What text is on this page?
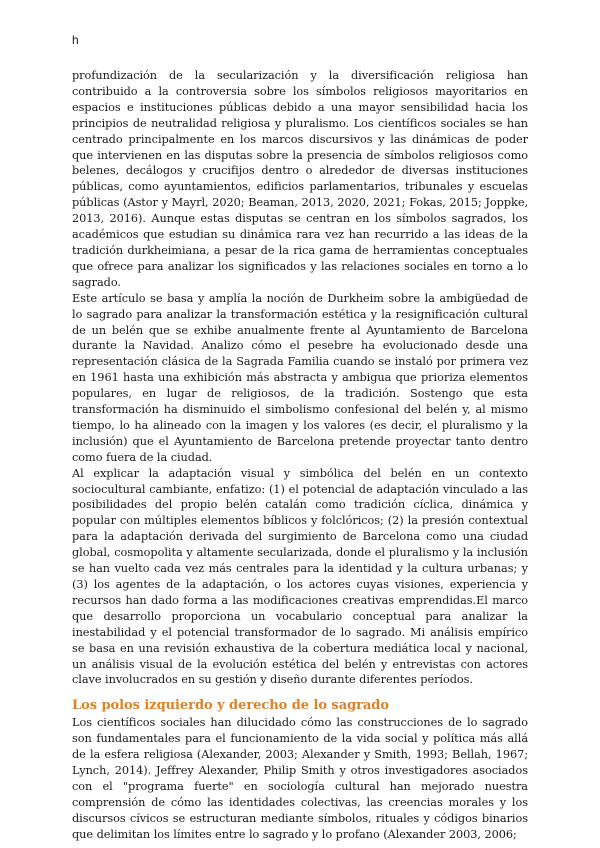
h

profundización de la secularización y la diversificación religiosa han contribuido a la controversia sobre los símbolos religiosos mayoritarios en espacios e instituciones públicas debido a una mayor sensibilidad hacia los principios de neutralidad religiosa y pluralismo. Los científicos sociales se han centrado principalmente en los marcos discursivos y las dinámicas de poder que intervienen en las disputas sobre la presencia de símbolos religiosos como belenes, decálogos y crucifijos dentro o alrededor de diversas instituciones públicas, como ayuntamientos, edificios parlamentarios, tribunales y escuelas públicas (Astor y Mayrl, 2020; Beaman, 2013, 2020, 2021; Fokas, 2015; Joppke, 2013, 2016). Aunque estas disputas se centran en los símbolos sagrados, los académicos que estudian su dinámica rara vez han recurrido a las ideas de la tradición durkheimiana, a pesar de la rica gama de herramientas conceptuales que ofrece para analizar los significados y las relaciones sociales en torno a lo sagrado.

Este artículo se basa y amplía la noción de Durkheim sobre la ambigüedad de lo sagrado para analizar la transformación estética y la resignificación cultural de un belén que se exhibe anualmente frente al Ayuntamiento de Barcelona durante la Navidad. Analizo cómo el pesebre ha evolucionado desde una representación clásica de la Sagrada Familia cuando se instaló por primera vez en 1961 hasta una exhibición más abstracta y ambigua que prioriza elementos populares, en lugar de religiosos, de la tradición. Sostengo que esta transformación ha disminuido el simbolismo confesional del belén y, al mismo tiempo, lo ha alineado con la imagen y los valores (es decir, el pluralismo y la inclusión) que el Ayuntamiento de Barcelona pretende proyectar tanto dentro como fuera de la ciudad.

Al explicar la adaptación visual y simbólica del belén en un contexto sociocultural cambiante, enfatizo: (1) el potencial de adaptación vinculado a las posibilidades del propio belén catalán como tradición cíclica, dinámica y popular con múltiples elementos bíblicos y folclóricos; (2) la presión contextual para la adaptación derivada del surgimiento de Barcelona como una ciudad global, cosmopolita y altamente secularizada, donde el pluralismo y la inclusión se han vuelto cada vez más centrales para la identidad y la cultura urbanas; y (3) los agentes de la adaptación, o los actores cuyas visiones, experiencia y recursos han dado forma a las modificaciones creativas emprendidas.El marco que desarrollo proporciona un vocabulario conceptual para analizar la inestabilidad y el potencial transformador de lo sagrado. Mi análisis empírico se basa en una revisión exhaustiva de la cobertura mediática local y nacional, un análisis visual de la evolución estética del belén y entrevistas con actores clave involucrados en su gestión y diseño durante diferentes períodos.

Los polos izquierdo y derecho de lo sagrado

Los científicos sociales han dilucidado cómo las construcciones de lo sagrado son fundamentales para el funcionamiento de la vida social y política más allá de la esfera religiosa (Alexander, 2003; Alexander y Smith, 1993; Bellah, 1967; Lynch, 2014). Jeffrey Alexander, Philip Smith y otros investigadores asociados con el "programa fuerte" en sociología cultural han mejorado nuestra comprensión de cómo las identidades colectivas, las creencias morales y los discursos cívicos se estructuran mediante símbolos, rituales y códigos binarios que delimitan los límites entre lo sagrado y lo profano (Alexander 2003, 2006;
